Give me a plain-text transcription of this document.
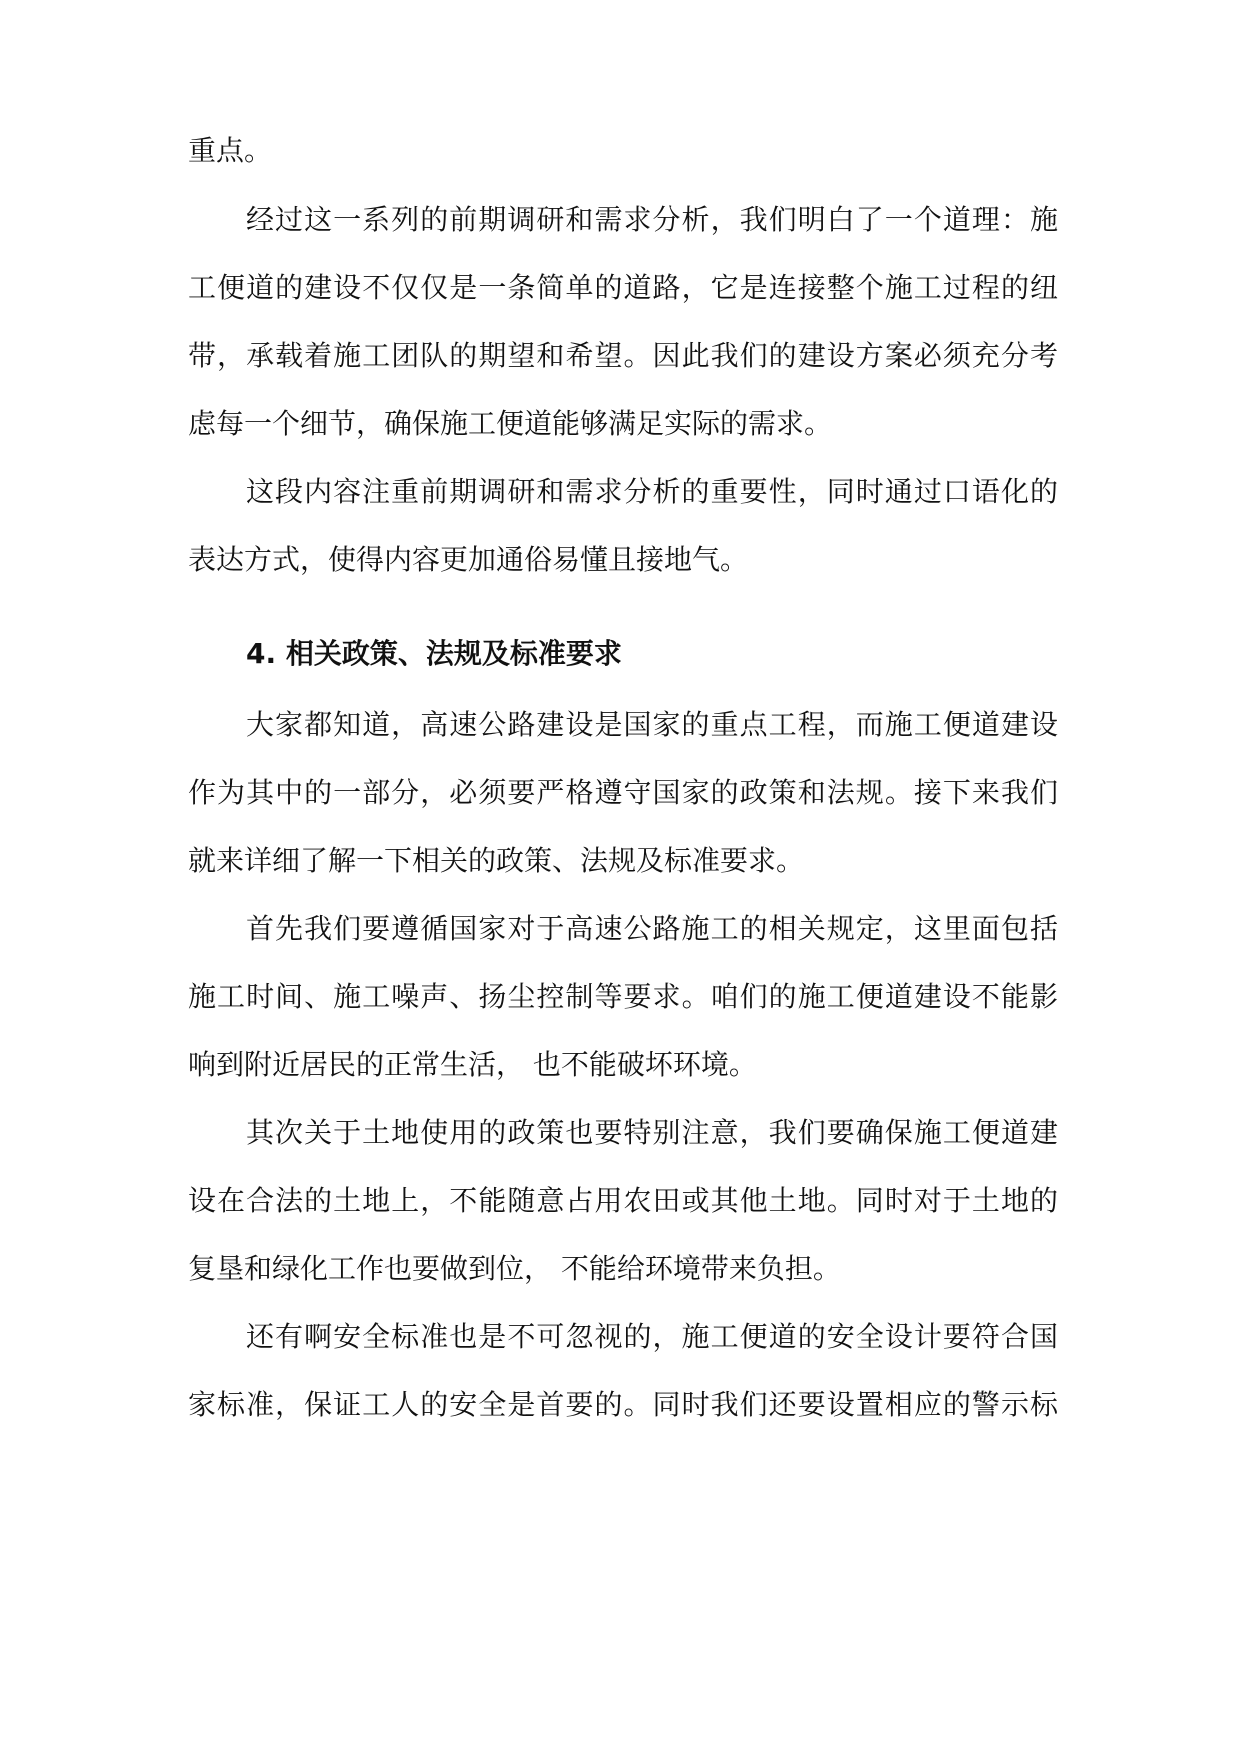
重点。
经过这一系列的前期调研和需求分析，我们明白了一个道理：施
工便道的建设不仅仅是一条简单的道路，它是连接整个施工过程的纽
带，承载着施工团队的期望和希望。因此我们的建设方案必须充分考
虑每一个细节，确保施工便道能够满足实际的需求。
这段内容注重前期调研和需求分析的重要性，同时通过口语化的
表达方式，使得内容更加通俗易懂且接地气。
4. 相关政策、法规及标准要求
大家都知道，高速公路建设是国家的重点工程，而施工便道建设
作为其中的一部分，必须要严格遵守国家的政策和法规。接下来我们
就来详细了解一下相关的政策、法规及标准要求。
首先我们要遵循国家对于高速公路施工的相关规定，这里面包括
施工时间、施工噪声、扬尘控制等要求。咱们的施工便道建设不能影
响到附近居民的正常生活， 也不能破坏环境。
其次关于土地使用的政策也要特别注意，我们要确保施工便道建
设在合法的土地上，不能随意占用农田或其他土地。同时对于土地的
复垦和绿化工作也要做到位， 不能给环境带来负担。
还有啊安全标准也是不可忽视的，施工便道的安全设计要符合国
家标准，保证工人的安全是首要的。同时我们还要设置相应的警示标
